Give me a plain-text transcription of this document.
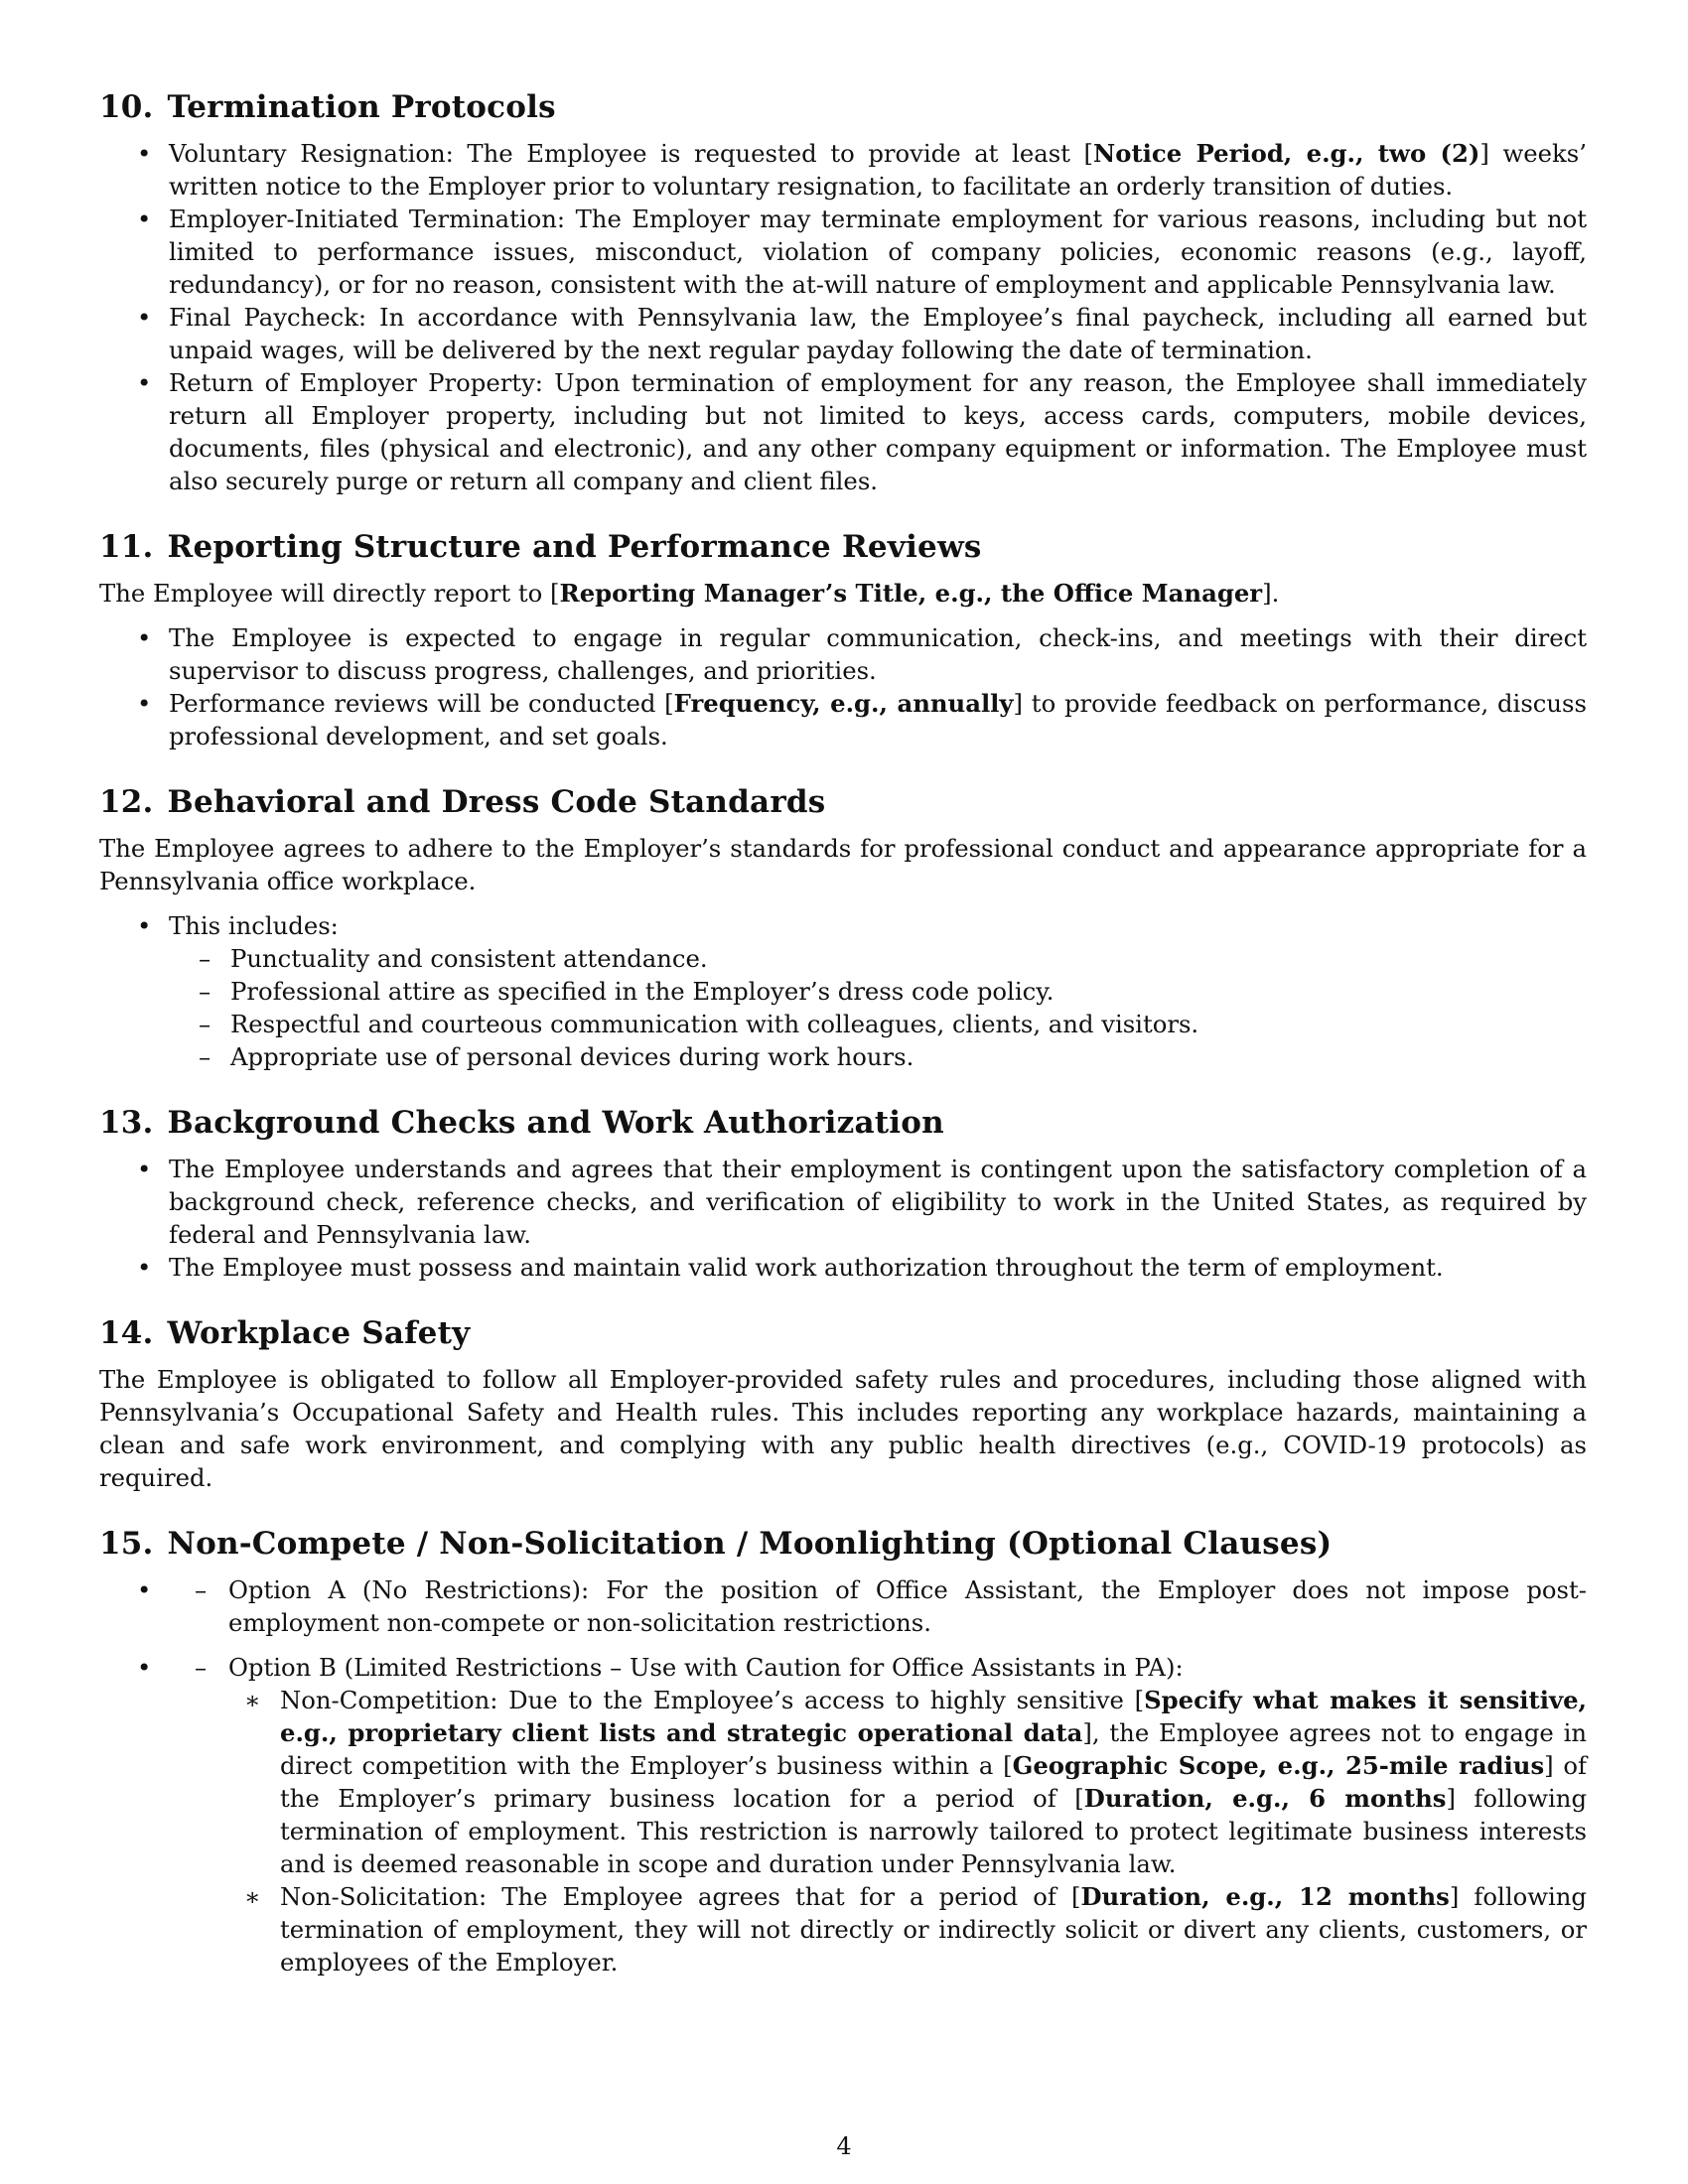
10. Termination Protocols
• Voluntary Resignation: The Employee is requested to provide at least [Notice Period, e.g., two (2)] weeks’ written notice to the Employer prior to voluntary resignation, to facilitate an orderly transition of duties.
• Employer-Initiated Termination: The Employer may terminate employment for various reasons, including but not limited to performance issues, misconduct, violation of company policies, economic reasons (e.g., layoff, redundancy), or for no reason, consistent with the at-will nature of employment and applicable Pennsylvania law.
• Final Paycheck: In accordance with Pennsylvania law, the Employee’s final paycheck, including all earned but unpaid wages, will be delivered by the next regular payday following the date of termination.
• Return of Employer Property: Upon termination of employment for any reason, the Employee shall immediately return all Employer property, including but not limited to keys, access cards, computers, mobile devices, documents, files (physical and electronic), and any other company equipment or information. The Employee must also securely purge or return all company and client files.
11. Reporting Structure and Performance Reviews

The Employee will directly report to [Reporting Manager’s Title, e.g., the Office Manager].

• The Employee is expected to engage in regular communication, check-ins, and meetings with their direct supervisor to discuss progress, challenges, and priorities.
• Performance reviews will be conducted [Frequency, e.g., annually] to provide feedback on performance, discuss professional development, and set goals.
12. Behavioral and Dress Code Standards

The Employee agrees to adhere to the Employer’s standards for professional conduct and appearance appropriate for a Pennsylvania office workplace.

• This includes:
– Punctuality and consistent attendance.
– Professional attire as specified in the Employer’s dress code policy.
– Respectful and courteous communication with colleagues, clients, and visitors.
– Appropriate use of personal devices during work hours.
13. Background Checks and Work Authorization
• The Employee understands and agrees that their employment is contingent upon the satisfactory completion of a background check, reference checks, and verification of eligibility to work in the United States, as required by federal and Pennsylvania law.
• The Employee must possess and maintain valid work authorization throughout the term of employment.
14. Workplace Safety

The Employee is obligated to follow all Employer-provided safety rules and procedures, including those aligned with Pennsylvania’s Occupational Safety and Health rules. This includes reporting any workplace hazards, maintaining a clean and safe work environment, and complying with any public health directives (e.g., COVID-19 protocols) as required.

15. Non-Compete / Non-Solicitation / Moonlighting (Optional Clauses)
• – Option A (No Restrictions): For the position of Office Assistant, the Employer does not impose post-employment non-compete or non-solicitation restrictions.
• – Option B (Limited Restrictions – Use with Caution for Office Assistants in PA):
∗ Non-Competition: Due to the Employee’s access to highly sensitive [Specify what makes it sensitive, e.g., proprietary client lists and strategic operational data], the Employee agrees not to engage in direct competition with the Employer’s business within a [Geographic Scope, e.g., 25-mile radius] of the Employer’s primary business location for a period of [Duration, e.g., 6 months] following termination of employment. This restriction is narrowly tailored to protect legitimate business interests and is deemed reasonable in scope and duration under Pennsylvania law.
∗ Non-Solicitation: The Employee agrees that for a period of [Duration, e.g., 12 months] following termination of employment, they will not directly or indirectly solicit or divert any clients, customers, or employees of the Employer.
4
